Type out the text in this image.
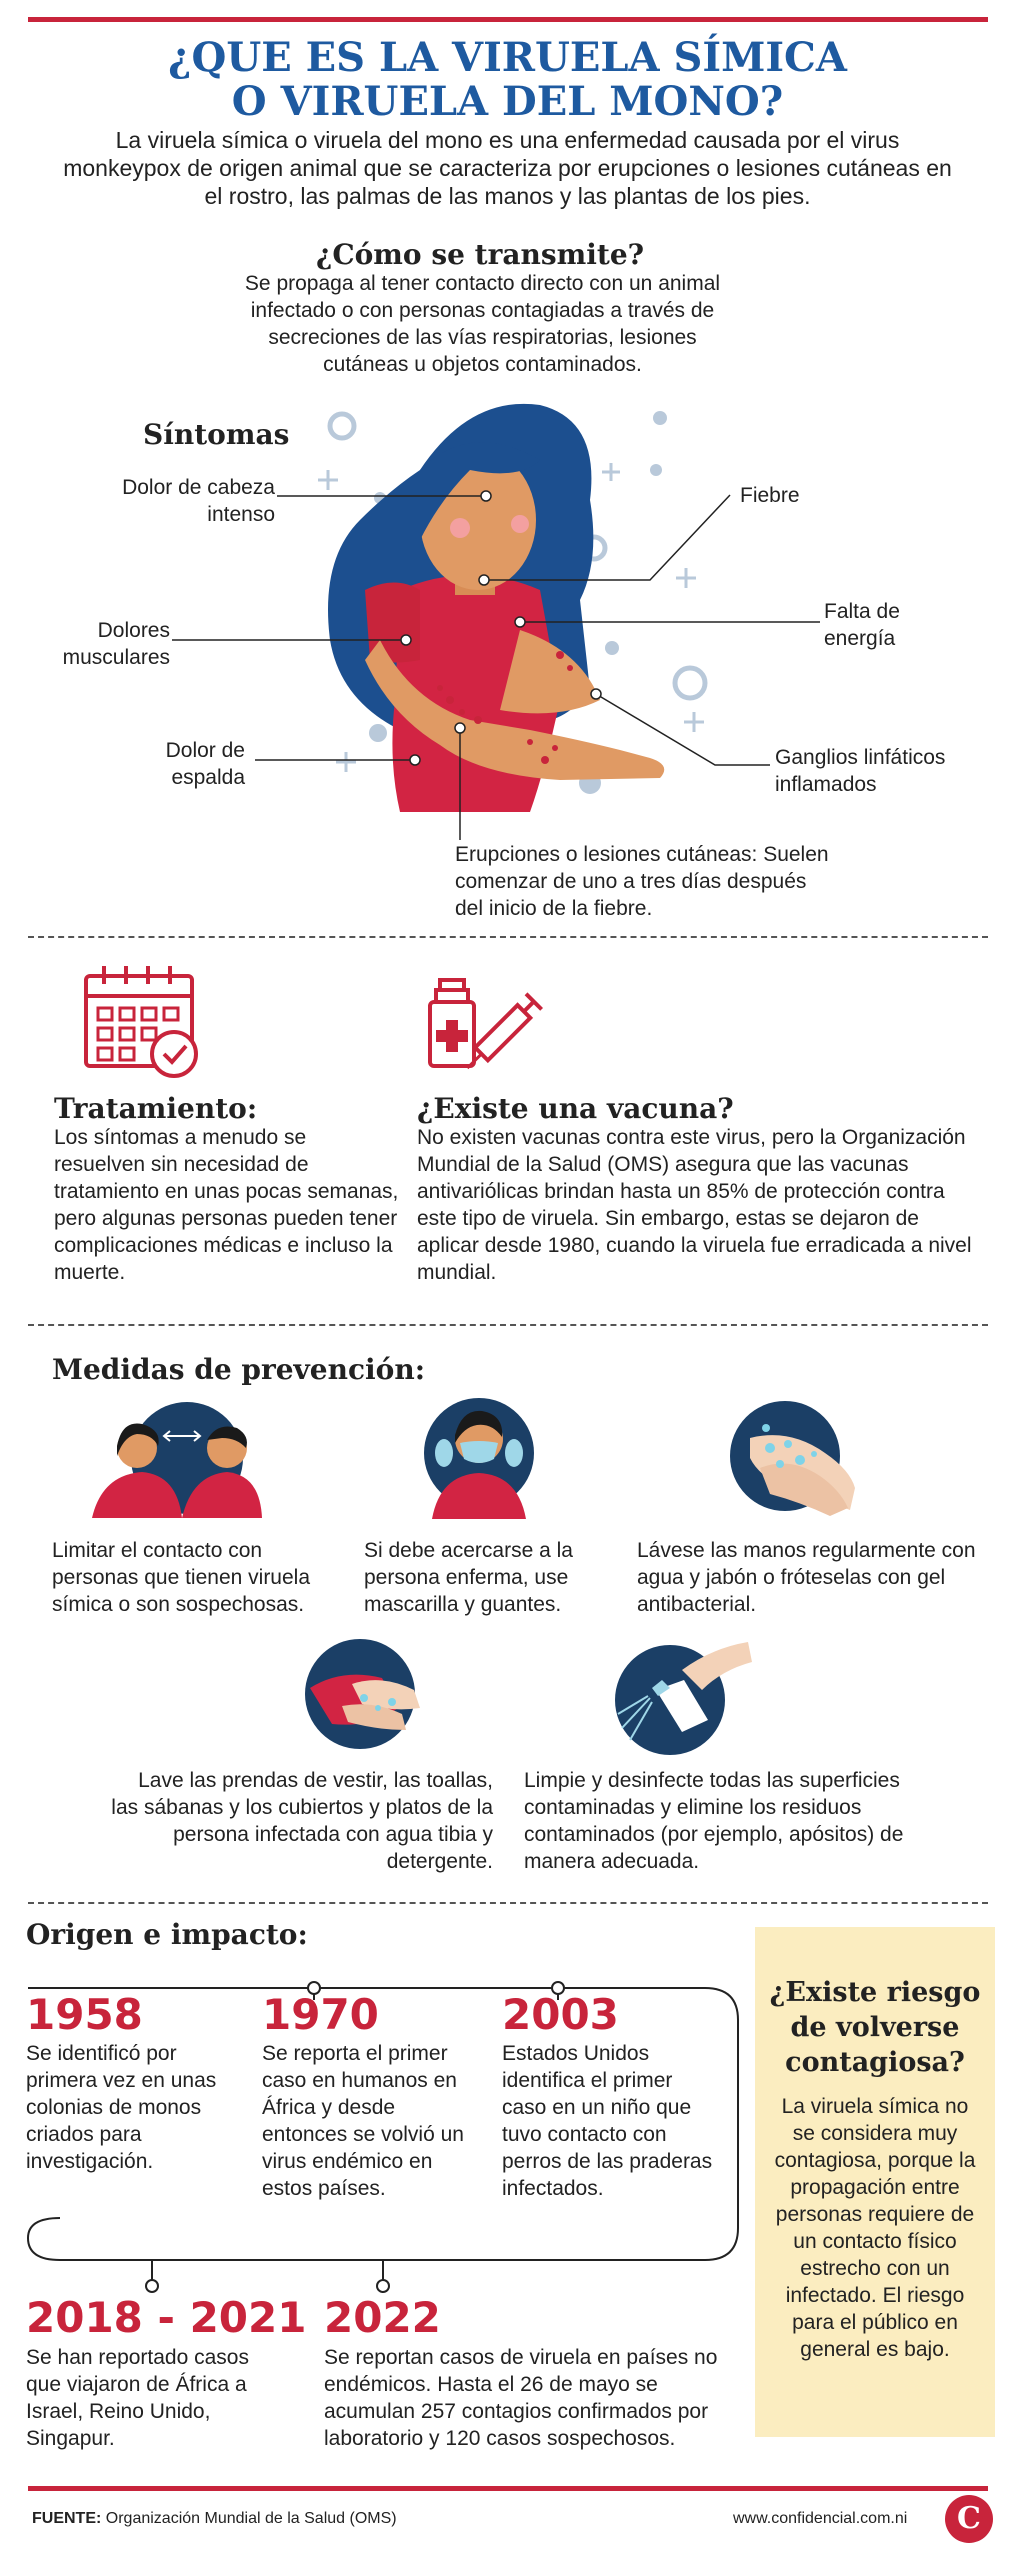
¿QUE ES LA VIRUELA SÍMICA
O VIRUELA DEL MONO?
La viruela símica o viruela del mono es una enfermedad causada por el virus monkeypox de origen animal que se caracteriza por erupciones o lesiones cutáneas en el rostro, las palmas de las manos y las plantas de los pies.
¿Cómo se transmite?
Se propaga al tener contacto directo con un animal infectado o con personas contagiadas a través de secreciones de las vías respiratorias, lesiones cutáneas u objetos contaminados.
Síntomas
Dolor de cabeza intenso
Fiebre
Falta de energía
Dolores musculares
Dolor de espalda
Ganglios linfáticos inflamados
Erupciones o lesiones cutáneas: Suelen comenzar de uno a tres días después del inicio de la fiebre.
Tratamiento:
Los síntomas a menudo se resuelven sin necesidad de tratamiento en unas pocas semanas, pero algunas personas pueden tener complicaciones médicas e incluso la muerte.
¿Existe una vacuna?
No existen vacunas contra este virus, pero la Organización Mundial de la Salud (OMS) asegura que las vacunas antivariólicas brindan hasta un 85% de protección contra este tipo de viruela. Sin embargo, estas se dejaron de aplicar desde 1980, cuando la viruela fue erradicada a nivel mundial.
Medidas de prevención:
Limitar el contacto con personas que tienen viruela símica o son sospechosas.
Si debe acercarse a la persona enferma, use mascarilla y guantes.
Lávese las manos regularmente con agua y jabón o fróteselas con gel antibacterial.
Lave las prendas de vestir, las toallas, las sábanas y los cubiertos y platos de la persona infectada con agua tibia y detergente.
Limpie y desinfecte todas las superficies contaminadas y elimine los residuos contaminados (por ejemplo, apósitos) de manera adecuada.
Origen e impacto:
1958
Se identificó por primera vez en unas colonias de monos criados para investigación.
1970
Se reporta el primer caso en humanos en África y desde entonces se volvió un virus endémico en estos países.
2003
Estados Unidos identifica el primer caso en un niño que tuvo contacto con perros de las praderas infectados.
2018 - 2021
Se han reportado casos que viajaron de África a Israel, Reino Unido, Singapur.
2022
Se reportan casos de viruela en países no endémicos. Hasta el 26 de mayo se acumulan 257 contagios confirmados por laboratorio y 120 casos sospechosos.
¿Existe riesgo de volverse contagiosa?
La viruela símica no se considera muy contagiosa, porque la propagación entre personas requiere de un contacto físico estrecho con un infectado. El riesgo para el público en general es bajo.
FUENTE: Organización Mundial de la Salud (OMS)	www.confidencial.com.ni	C
